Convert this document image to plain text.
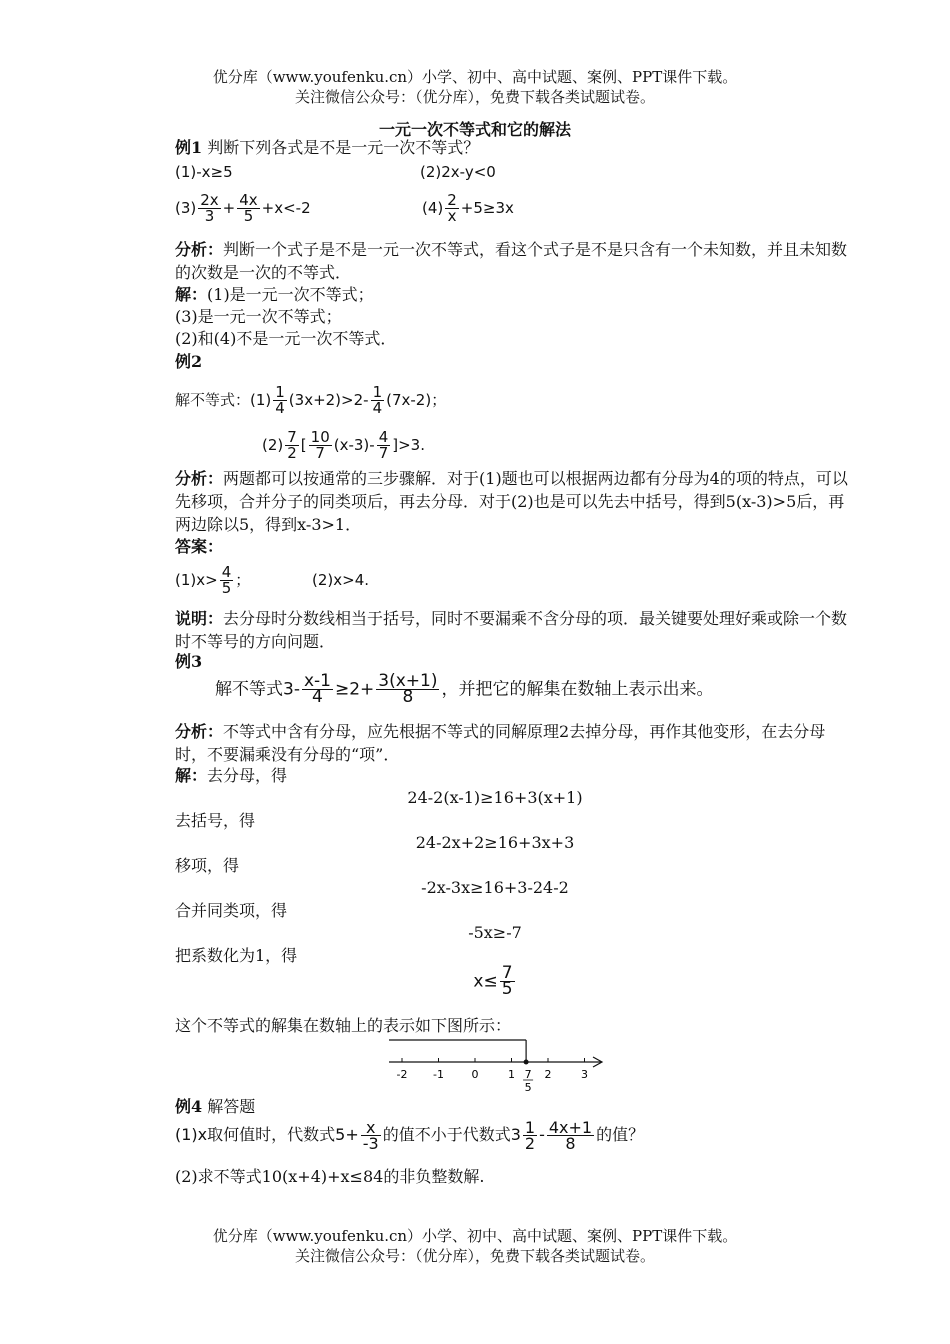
优分库（www.youfenku.cn）小学、初中、高中试题、案例、PPT课件下载。
关注微信公众号：（优分库），免费下载各类试题试卷。
一元一次不等式和它的解法
例1 判断下列各式是不是一元一次不等式？
(1)-x≥5	(2)2x-y<0
$(3) \frac{2x}{3} + \frac{4x}{5} +x<-2$	$(4) \frac{2}{x} +5\ge 3x$
分析：判断一个式子是不是一元一次不等式，看这个式子是不是只含有一个未知数，并且未知数的次数是一次的不等式．
解：(1)是一元一次不等式；
(3)是一元一次不等式；
(2)和(4)不是一元一次不等式．
例2
解不等式：$(1) \frac{1}{4} (3x+2)>2- \frac{1}{4} (7x-2)$；
$(2) \frac{7}{2}$ [ $\frac{10}{7} (x-3)- \frac{4}{7} ]>3$.
分析：两题都可以按通常的三步骤解．对于(1)题也可以根据两边都有分母为4的项的特点，可以先移项，合并分子的同类项后，再去分母．对于(2)也是可以先去中括号，得到5(x-3)>5后，再两边除以5，得到x-3>1．
答案：
$(1)x> \frac{4}{5}$ ；	(2)x>4.
说明：去分母时分数线相当于括号，同时不要漏乘不含分母的项．最关键要处理好乘或除一个数时不等号的方向问题．
例3
解不等式$3- \frac{x-1}{4} \ge 2+ \frac{3(x+1)}{8}$ ，并把它的解集在数轴上表示出来。
分析：不等式中含有分母，应先根据不等式的同解原理2去掉分母，再作其他变形，在去分母时，不要漏乘没有分母的“项”．
解：去分母，得
24-2(x-1)≥16+3(x+1)
去括号，得
24-2x+2≥16+3x+3
移项，得
-2x-3x≥16+3-24-2
合并同类项，得
-5x≥-7
把系数化为1，得
$x\le \frac{7}{5}$
这个不等式的解集在数轴上的表示如下图所示：
-2 -1	0	1	2	3
7
5
例4 解答题
(1)x取何值时，代数式$5+ \frac{x}{-3}$ 的值不小于代数式$3 \frac{1}{2} - \frac{4x+1}{8}$ 的值？
(2)求不等式10(x+4)+x≤84的非负整数解.
优分库（www.youfenku.cn）小学、初中、高中试题、案例、PPT课件下载。
关注微信公众号：（优分库），免费下载各类试题试卷。
